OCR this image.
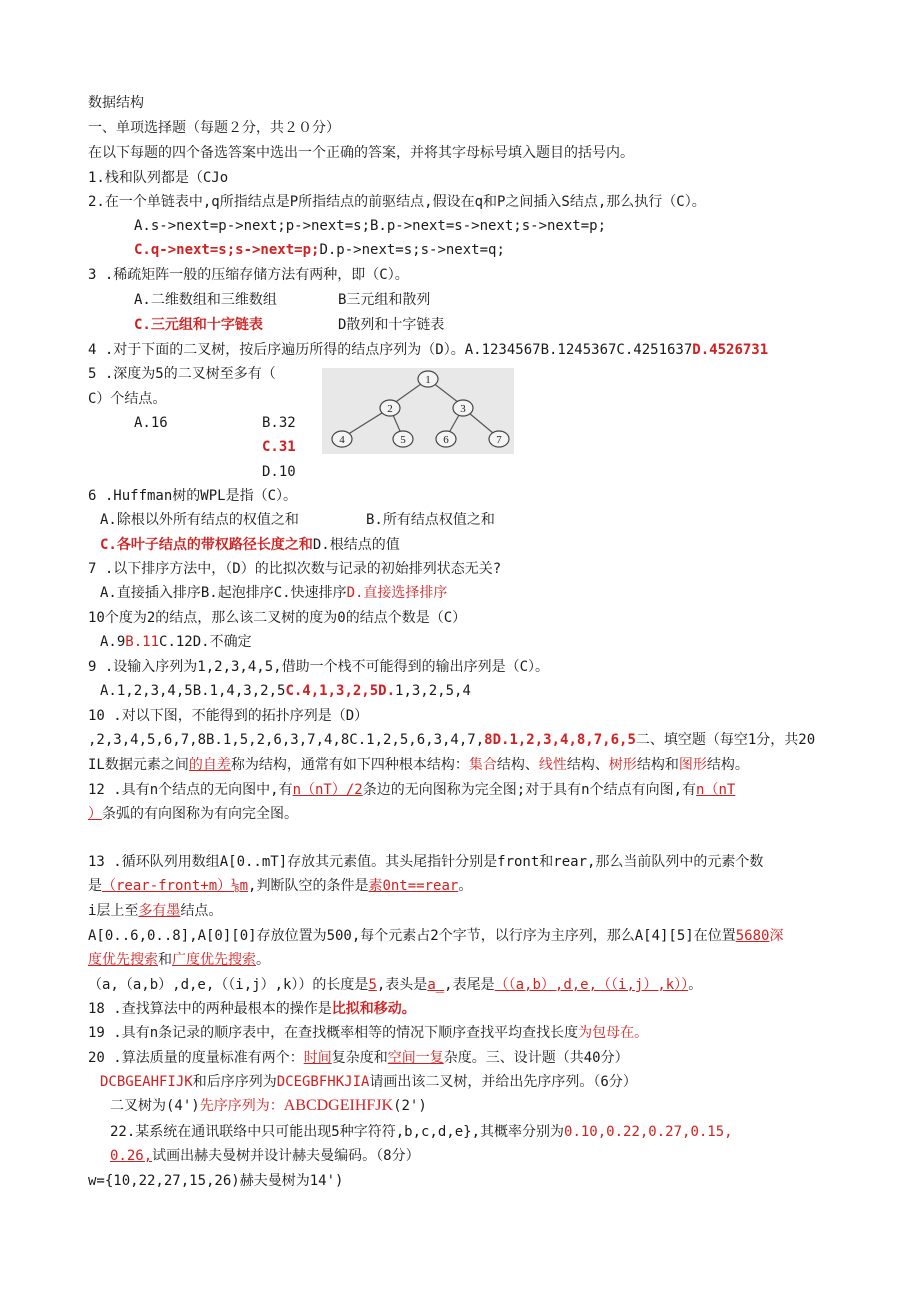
数据结构
一、单项选择题（每题２分，共２０分）
在以下每题的四个备选答案中选出一个正确的答案，并将其字母标号填入题目的括号内。
1.栈和队列都是（CJo
2.在一个单链表中,q所指结点是P所指结点的前驱结点,假设在q和P之间插入S结点,那么执行（C）。
A.s->next=p->next;p->next=s;B.p->next=s->next;s->next=p;
C.q->next=s;s->next=p;D.p->next=s;s->next=q;
3 .稀疏矩阵一般的压缩存储方法有两种，即（C）。
A.二维数组和三维数组	B三元组和散列
C.三元组和十字链表	D散列和十字链表
4 .对于下面的二叉树，按后序遍历所得的结点序列为（D）。A.1234567B.1245367C.4251637D.4526731
5 .深度为5的二叉树至多有（
C）个结点。
A.16	B.32
C.31
D.10
1
2	3
4	5	6	7
6 .Huffman树的WPL是指（C）。
A.除根以外所有结点的权值之和	B.所有结点权值之和
C.各叶子结点的带权路径长度之和D.根结点的值
7 .以下排序方法中，（D）的比拟次数与记录的初始排列状态无关?
A.直接插入排序B.起泡排序C.快速排序D.直接选择排序
10个度为2的结点，那么该二叉树的度为0的结点个数是（C）
A.9B.11C.12D.不确定
9 .设输入序列为1,2,3,4,5,借助一个栈不可能得到的输出序列是（C）。
A.1,2,3,4,5B.1,4,3,2,5C.4,1,3,2,5D.1,3,2,5,4
10 .对以下图，不能得到的拓扑序列是（D）
,2,3,4,5,6,7,8B.1,5,2,6,3,7,4,8C.1,2,5,6,3,4,7,8D.1,2,3,4,8,7,6,5二、填空题（每空1分，共20
IL数据元素之间的自差称为结构，通常有如下四种根本结构：集合结构、线性结构、树形结构和图形结构。
12 .具有n个结点的无向图中,有n（nT）/2条边的无向图称为完全图;对于具有n个结点有向图,有n（nT
）条弧的有向图称为有向完全图。
13 .循环队列用数组A[0..mT]存放其元素值。其头尾指针分别是front和rear,那么当前队列中的元素个数
是（rear-front+m）⅛m,判断队空的条件是素0nt==rear。
i层上至多有墨结点。
A[0..6,0..8],A[0][0]存放位置为500,每个元素占2个字节，以行序为主序列，那么A[4][5]在位置5680深
度优先搜索和广度优先搜索。
（a,（a,b）,d,e,（（i,j）,k））的长度是5,表头是a_,表尾是（（a,b）,d,e,（（i,j）,k））。
18 .查找算法中的两种最根本的操作是比拟和移动。
19 .具有n条记录的顺序表中，在查找概率相等的情况下顺序查找平均查找长度为包母在。
20 .算法质量的度量标准有两个：时间复杂度和空间一复杂度。三、设计题（共40分）
DCBGEAHFIJK和后序序列为DCEGBFHKJIA请画出该二叉树，并给出先序序列。（6分）
二叉树为(4')先序序列为：ABCDGEIHFJK(2')
22.某系统在通讯联络中只可能出现5种字符符,b,c,d,e},其概率分别为0.10,0.22,0.27,0.15,
0.26,试画出赫夫曼树并设计赫夫曼编码。（8分）
w={10,22,27,15,26)赫夫曼树为14')
